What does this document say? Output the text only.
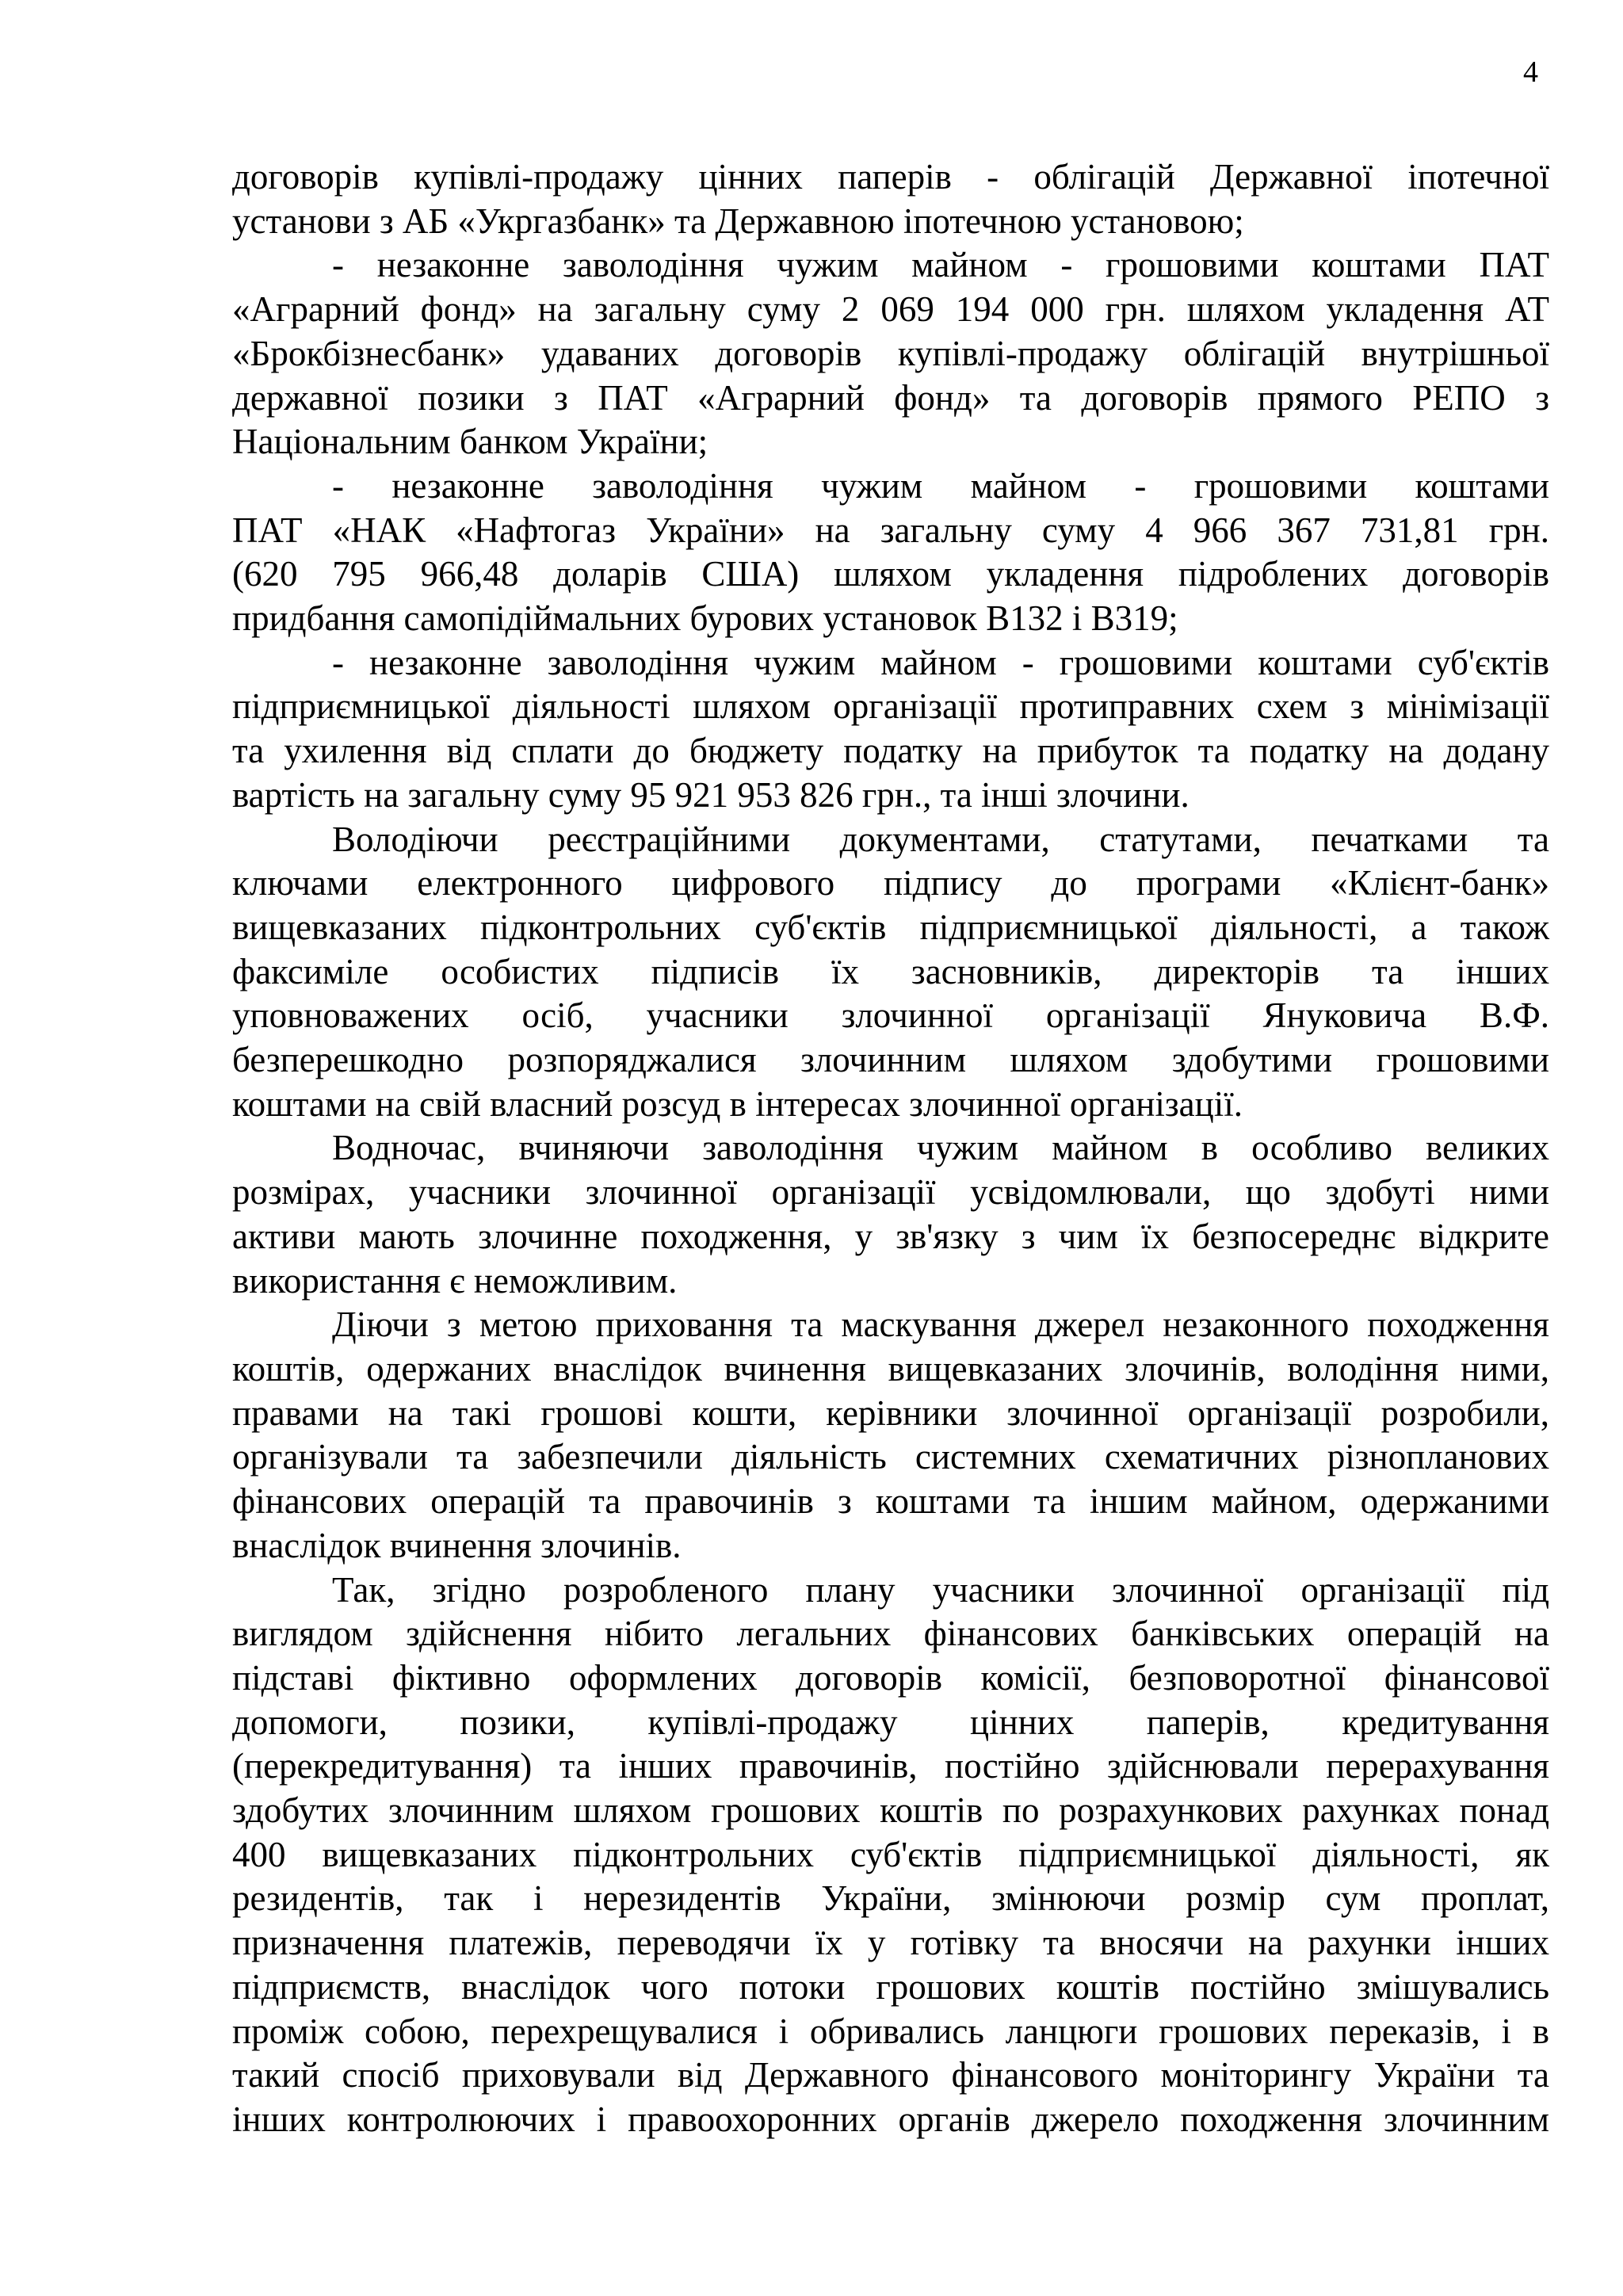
4
договорів купівлі-продажу цінних паперів - облігацій Державної іпотечної
установи з АБ «Укргазбанк» та Державною іпотечною установою;
- незаконне заволодіння чужим майном - грошовими коштами ПАТ
«Аграрний фонд» на загальну суму 2 069 194 000 грн. шляхом укладення АТ
«Брокбізнесбанк» удаваних договорів купівлі-продажу облігацій внутрішньої
державної позики з ПАТ «Аграрний фонд» та договорів прямого РЕПО з
Національним банком України;
- незаконне заволодіння чужим майном - грошовими коштами
ПАТ «НАК «Нафтогаз України» на загальну суму 4 966 367 731,81 грн.
(620 795 966,48 доларів США) шляхом укладення підроблених договорів
придбання самопідіймальних бурових установок В132 і В319;
- незаконне заволодіння чужим майном - грошовими коштами суб'єктів
підприємницької діяльності шляхом організації протиправних схем з мінімізації
та ухилення від сплати до бюджету податку на прибуток та податку на додану
вартість на загальну суму 95 921 953 826 грн., та інші злочини.
Володіючи реєстраційними документами, статутами, печатками та
ключами електронного цифрового підпису до програми «Клієнт-банк»
вищевказаних підконтрольних суб'єктів підприємницької діяльності, а також
факсиміле особистих підписів їх засновників, директорів та інших
уповноважених осіб, учасники злочинної організації Януковича В.Ф.
безперешкодно розпоряджалися злочинним шляхом здобутими грошовими
коштами на свій власний розсуд в інтересах злочинної організації.
Водночас, вчиняючи заволодіння чужим майном в особливо великих
розмірах, учасники злочинної організації усвідомлювали, що здобуті ними
активи мають злочинне походження, у зв'язку з чим їх безпосереднє відкрите
використання є неможливим.
Діючи з метою приховання та маскування джерел незаконного походження
коштів, одержаних внаслідок вчинення вищевказаних злочинів, володіння ними,
правами на такі грошові кошти, керівники злочинної організації розробили,
організували та забезпечили діяльність системних схематичних різнопланових
фінансових операцій та правочинів з коштами та іншим майном, одержаними
внаслідок вчинення злочинів.
Так, згідно розробленого плану учасники злочинної організації під
виглядом здійснення нібито легальних фінансових банківських операцій на
підставі фіктивно оформлених договорів комісії, безповоротної фінансової
допомоги, позики, купівлі-продажу цінних паперів, кредитування
(перекредитування) та інших правочинів, постійно здійснювали перерахування
здобутих злочинним шляхом грошових коштів по розрахункових рахунках понад
400 вищевказаних підконтрольних суб'єктів підприємницької діяльності, як
резидентів, так і нерезидентів України, змінюючи розмір сум проплат,
призначення платежів, переводячи їх у готівку та вносячи на рахунки інших
підприємств, внаслідок чого потоки грошових коштів постійно змішувались
проміж собою, перехрещувалися і обривались ланцюги грошових переказів, і в
такий спосіб приховували від Державного фінансового моніторингу України та
інших контролюючих і правоохоронних органів джерело походження злочинним
